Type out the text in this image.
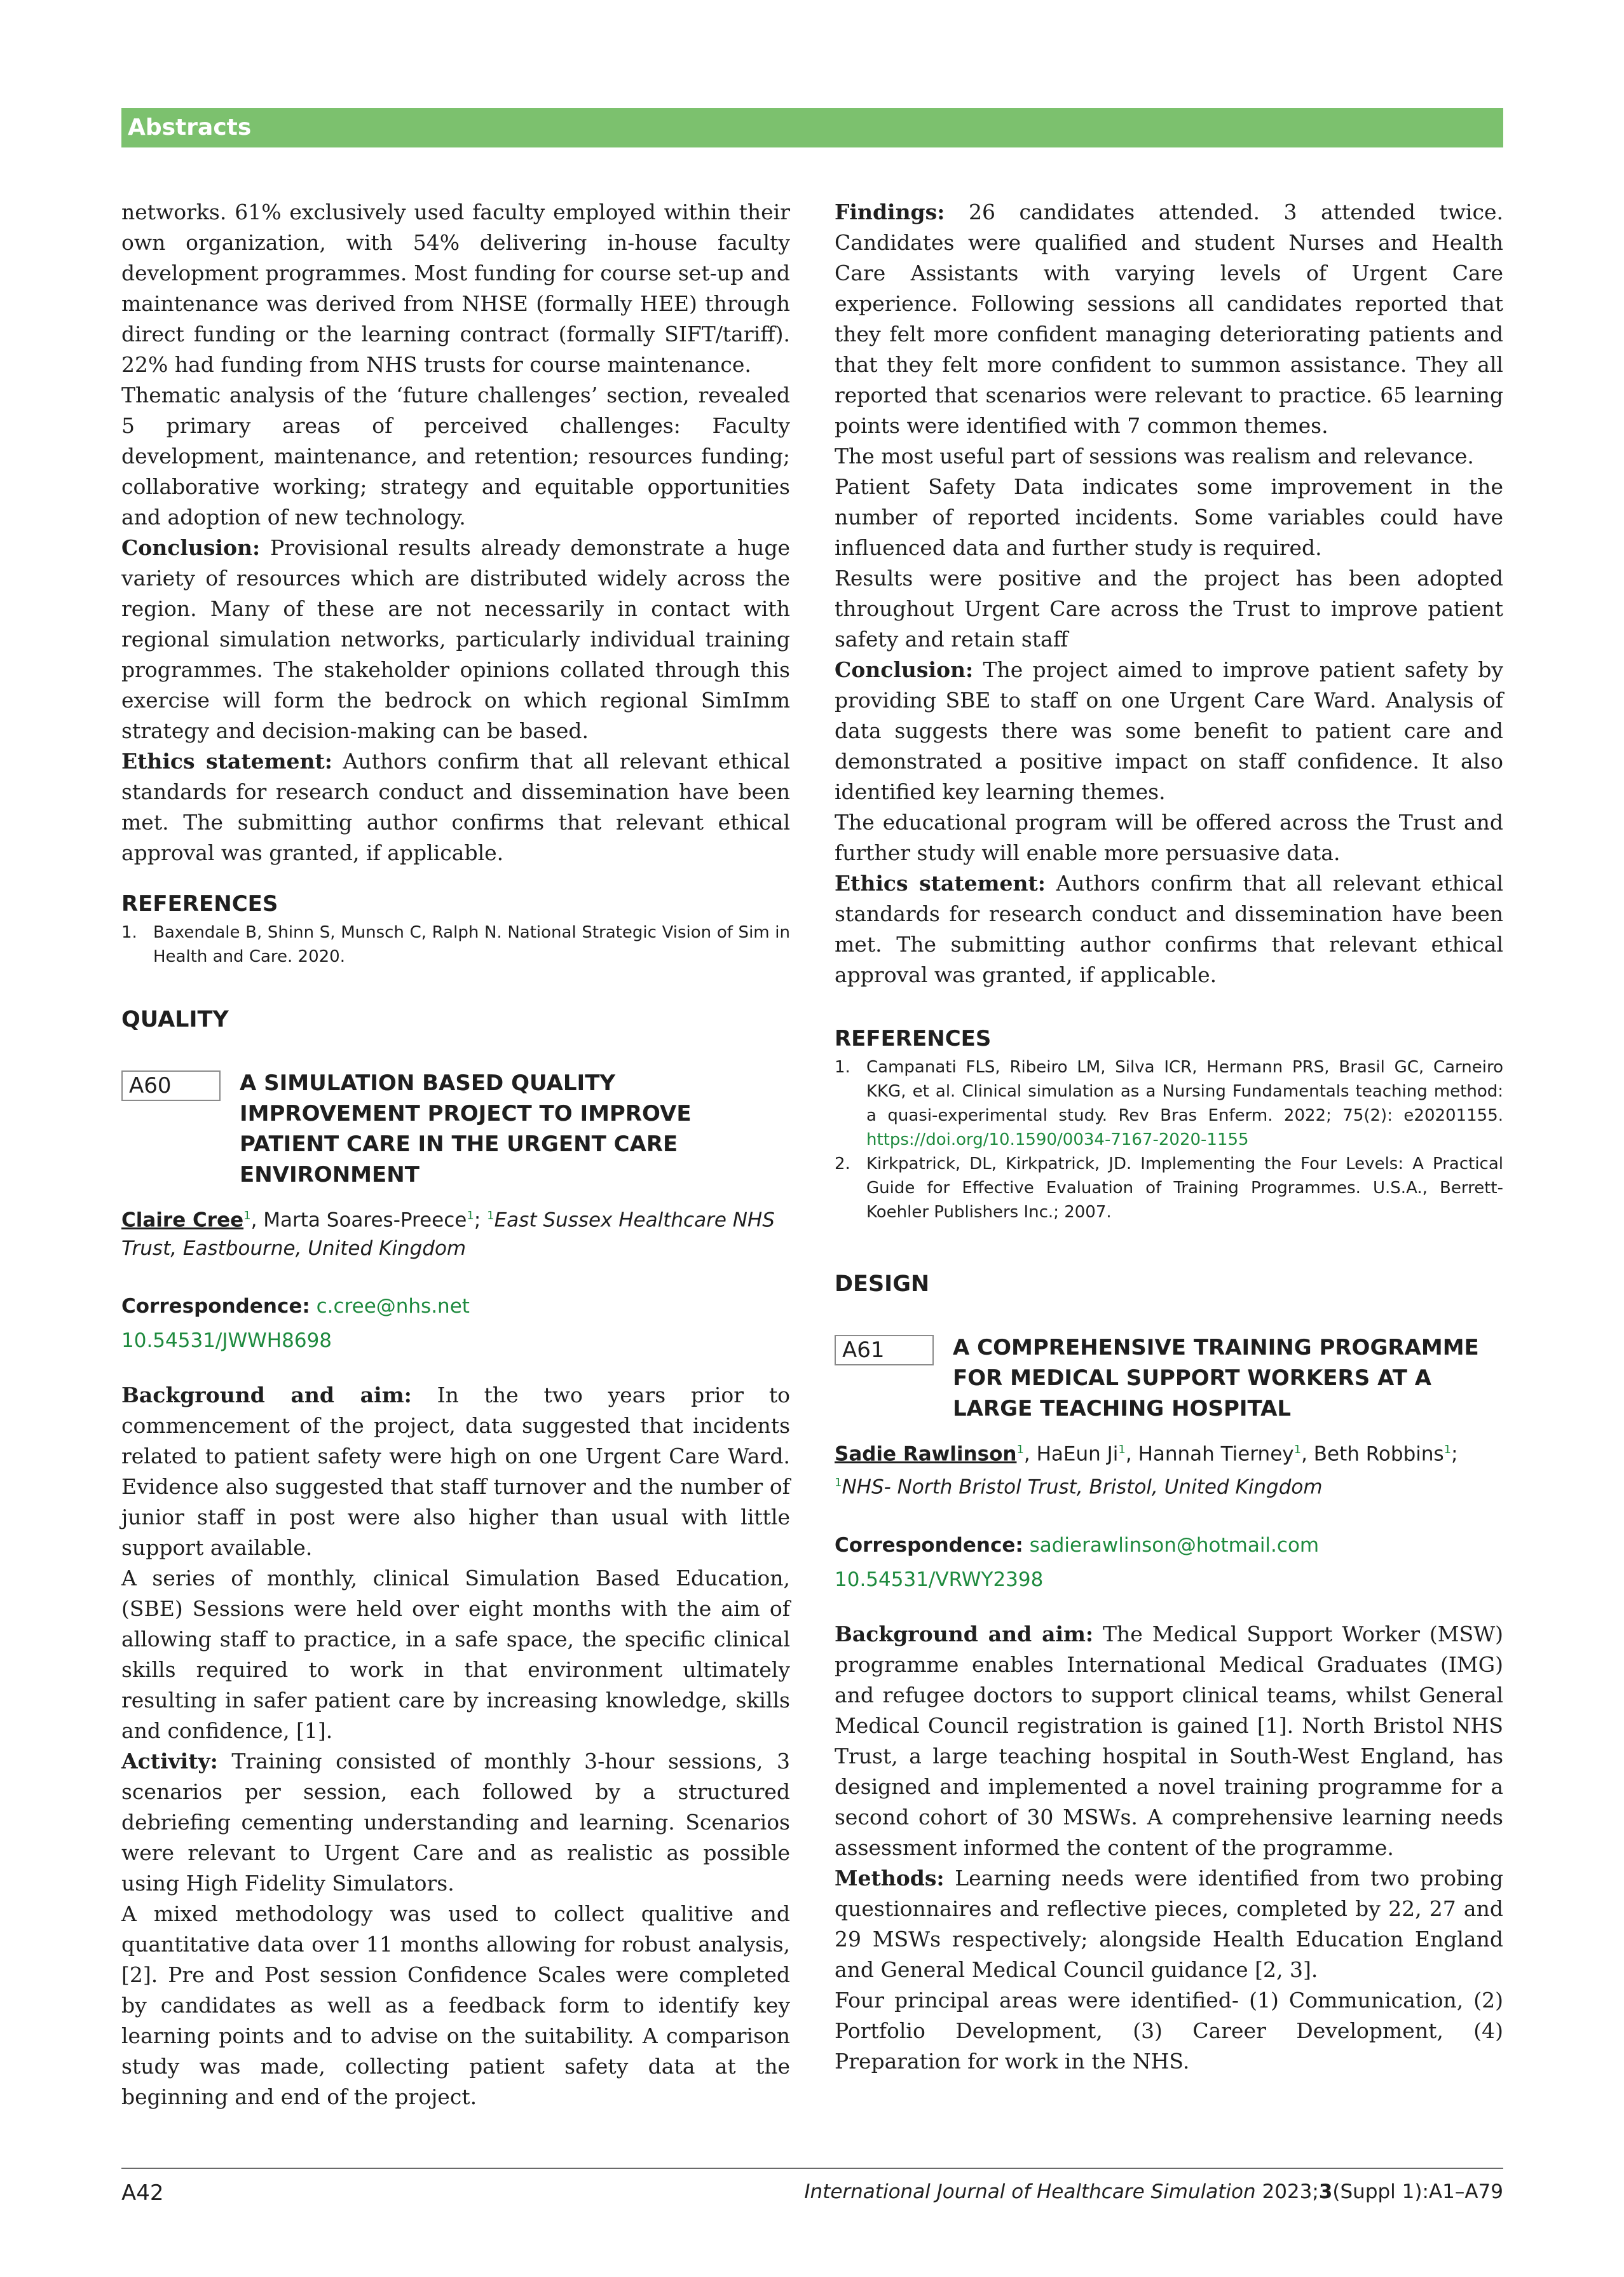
Abstracts

networks. 61% exclusively used faculty employed within their own organization, with 54% delivering in-house faculty development programmes. Most funding for course set-up and maintenance was derived from NHSE (formally HEE) through direct funding or the learning contract (formally SIFT/tariff). 22% had funding from NHS trusts for course maintenance.

Thematic analysis of the ‘future challenges’ section, revealed 5 primary areas of perceived challenges: Faculty development, maintenance, and retention; resources funding; collaborative working; strategy and equitable opportunities and adoption of new technology.

Conclusion: Provisional results already demonstrate a huge variety of resources which are distributed widely across the region. Many of these are not necessarily in contact with regional simulation networks, particularly individual training programmes. The stakeholder opinions collated through this exercise will form the bedrock on which regional SimImm strategy and decision-making can be based.

Ethics statement: Authors confirm that all relevant ethical standards for research conduct and dissemination have been met. The submitting author confirms that relevant ethical approval was granted, if applicable.

REFERENCES

1. Baxendale B, Shinn S, Munsch C, Ralph N. National Strategic Vision of Sim in Health and Care. 2020.

QUALITY

A60	A SIMULATION BASED QUALITY IMPROVEMENT PROJECT TO IMPROVE PATIENT CARE IN THE URGENT CARE ENVIRONMENT

Claire Cree$^1$, Marta Soares-Preece$^1$; $^1$East Sussex Healthcare NHS Trust, Eastbourne, United Kingdom

Correspondence: c.cree@nhs.net

10.54531/JWWH8698

Background and aim: In the two years prior to commencement of the project, data suggested that incidents related to patient safety were high on one Urgent Care Ward. Evidence also suggested that staff turnover and the number of junior staff in post were also higher than usual with little support available.

A series of monthly, clinical Simulation Based Education, (SBE) Sessions were held over eight months with the aim of allowing staff to practice, in a safe space, the specific clinical skills required to work in that environment ultimately resulting in safer patient care by increasing knowledge, skills and confidence, [1].

Activity: Training consisted of monthly 3-hour sessions, 3 scenarios per session, each followed by a structured debriefing cementing understanding and learning. Scenarios were relevant to Urgent Care and as realistic as possible using High Fidelity Simulators.

A mixed methodology was used to collect qualitive and quantitative data over 11 months allowing for robust analysis, [2]. Pre and Post session Confidence Scales were completed by candidates as well as a feedback form to identify key learning points and to advise on the suitability. A comparison study was made, collecting patient safety data at the beginning and end of the project.

Findings: 26 candidates attended. 3 attended twice. Candidates were qualified and student Nurses and Health Care Assistants with varying levels of Urgent Care experience. Following sessions all candidates reported that they felt more confident managing deteriorating patients and that they felt more confident to summon assistance. They all reported that scenarios were relevant to practice. 65 learning points were identified with 7 common themes.

The most useful part of sessions was realism and relevance.

Patient Safety Data indicates some improvement in the number of reported incidents. Some variables could have influenced data and further study is required.

Results were positive and the project has been adopted throughout Urgent Care across the Trust to improve patient safety and retain staff

Conclusion: The project aimed to improve patient safety by providing SBE to staff on one Urgent Care Ward. Analysis of data suggests there was some benefit to patient care and demonstrated a positive impact on staff confidence. It also identified key learning themes.

The educational program will be offered across the Trust and further study will enable more persuasive data.

Ethics statement: Authors confirm that all relevant ethical standards for research conduct and dissemination have been met. The submitting author confirms that relevant ethical approval was granted, if applicable.

REFERENCES

1. Campanati FLS, Ribeiro LM, Silva ICR, Hermann PRS, Brasil GC, Carneiro KKG, et al. Clinical simulation as a Nursing Fundamentals teaching method: a quasi-experimental study. Rev Bras Enferm. 2022; 75(2): e20201155. https://doi.org/10.1590/0034-7167-2020-1155
2. Kirkpatrick, DL, Kirkpatrick, JD. Implementing the Four Levels: A Practical Guide for Effective Evaluation of Training Programmes. U.S.A., Berrett-Koehler Publishers Inc.; 2007.

DESIGN

A61	A COMPREHENSIVE TRAINING PROGRAMME FOR MEDICAL SUPPORT WORKERS AT A LARGE TEACHING HOSPITAL

Sadie Rawlinson$^1$, HaEun Ji$^1$, Hannah Tierney$^1$, Beth Robbins$^1$;
$^1$NHS- North Bristol Trust, Bristol, United Kingdom

Correspondence: sadierawlinson@hotmail.com

10.54531/VRWY2398

Background and aim: The Medical Support Worker (MSW) programme enables International Medical Graduates (IMG) and refugee doctors to support clinical teams, whilst General Medical Council registration is gained [1]. North Bristol NHS Trust, a large teaching hospital in South-West England, has designed and implemented a novel training programme for a second cohort of 30 MSWs. A comprehensive learning needs assessment informed the content of the programme.

Methods: Learning needs were identified from two probing questionnaires and reflective pieces, completed by 22, 27 and 29 MSWs respectively; alongside Health Education England and General Medical Council guidance [2, 3].

Four principal areas were identified- (1) Communication, (2) Portfolio Development, (3) Career Development, (4) Preparation for work in the NHS.

A42	International Journal of Healthcare Simulation 2023;3(Suppl 1):A1–A79
